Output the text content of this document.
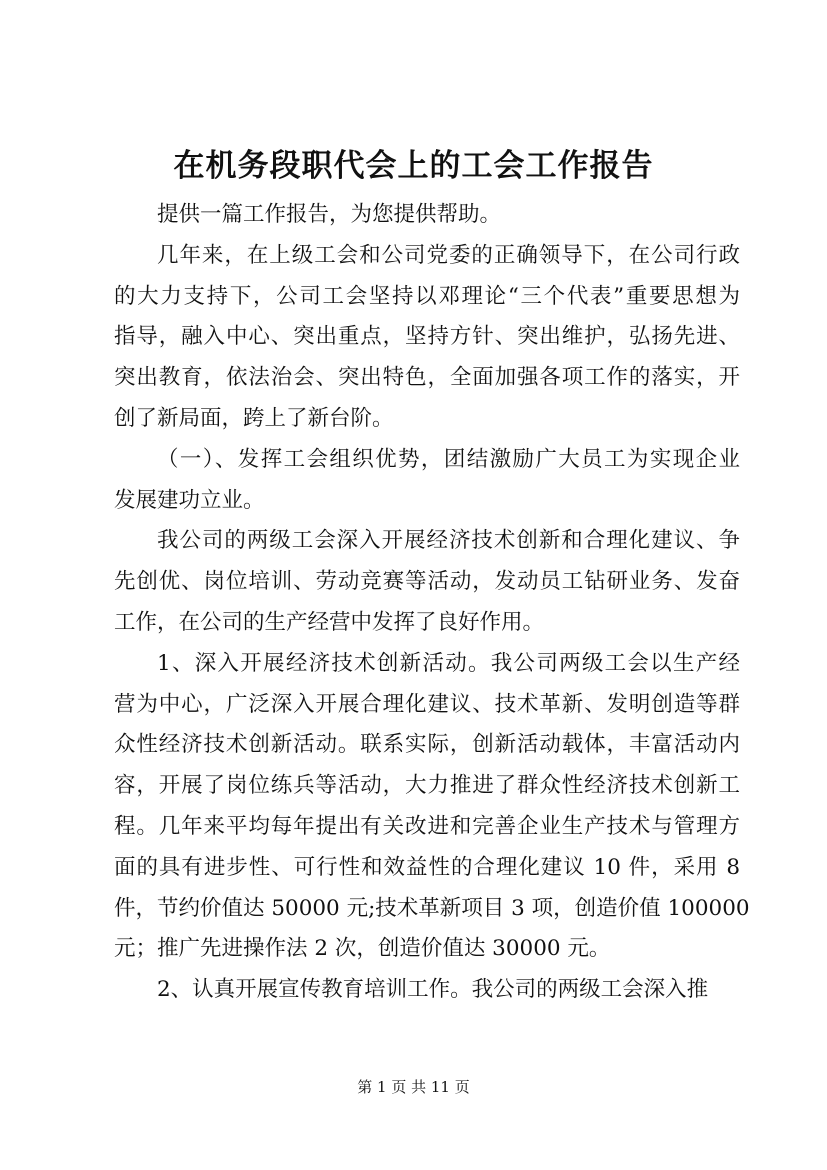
在机务段职代会上的工会工作报告
提供一篇工作报告，为您提供帮助。
几年来，在上级工会和公司党委的正确领导下，在公司行政
的大力支持下，公司工会坚持以邓理论“三个代表”重要思想为
指导，融入中心、突出重点，坚持方针、突出维护，弘扬先进、
突出教育，依法治会、突出特色，全面加强各项工作的落实，开
创了新局面，跨上了新台阶。
（一）、发挥工会组织优势，团结激励广大员工为实现企业
发展建功立业。
我公司的两级工会深入开展经济技术创新和合理化建议、争
先创优、岗位培训、劳动竞赛等活动，发动员工钻研业务、发奋
工作，在公司的生产经营中发挥了良好作用。
1、深入开展经济技术创新活动。我公司两级工会以生产经
营为中心，广泛深入开展合理化建议、技术革新、发明创造等群
众性经济技术创新活动。联系实际，创新活动载体，丰富活动内
容，开展了岗位练兵等活动，大力推进了群众性经济技术创新工
程。几年来平均每年提出有关改进和完善企业生产技术与管理方
面的具有进步性、可行性和效益性的合理化建议 10 件，采用 8
件，节约价值达 50000 元;技术革新项目 3 项，创造价值 100000
元；推广先进操作法 2 次，创造价值达 30000 元。
2、认真开展宣传教育培训工作。我公司的两级工会深入推
第 1 页 共 11 页
